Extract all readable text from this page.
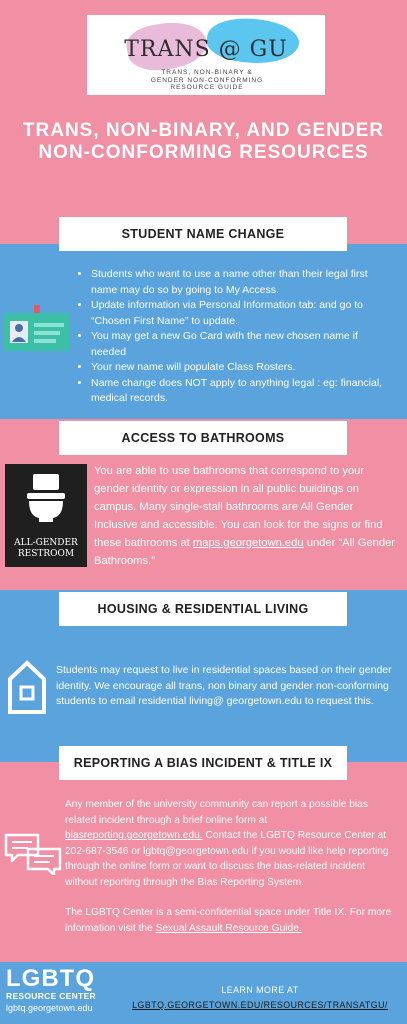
TRANS @ GU
TRANS, NON-BINARY &
GENDER NON-CONFORMING
RESOURCE GUIDE
TRANS, NON-BINARY, AND GENDER
NON-CONFORMING RESOURCES
STUDENT NAME CHANGE
• Students who want to use a name other than their legal first name may do so by going to My Access.
• Update information via Personal Information tab: and go to “Chosen First Name” to update.
• You may get a new Go Card with the new chosen name if needed
• Your new name will populate Class Rosters.
• Name change does NOT apply to anything legal : eg: financial, medical records.
ACCESS TO BATHROOMS
ALL-GENDER
RESTROOM
You are able to use bathrooms that correspond to your gender identity or expression in all public buildings on campus. Many single-stall bathrooms are All Gender Inclusive and accessible. You can look for the signs or find these bathrooms at maps.georgetown.edu under “All Gender Bathrooms.”
HOUSING & RESIDENTIAL LIVING
Students may request to live in residential spaces based on their gender identity. We encourage all trans, non binary and gender non-conforming students to email residential living@ georgetown.edu to request this.
REPORTING A BIAS INCIDENT & TITLE IX

Any member of the university community can report a possible bias related incident through a brief online form at biasreporting.georgetown.edu. Contact the LGBTQ Resource Center at 202-687-3546 or lgbtq@georgetown.edu if you would like help reporting through the online form or want to discuss the bias-related incident without reporting through the Bias Reporting System.

The LGBTQ Center is a semi-confidential space under Title IX. For more information visit the Sexual Assault Resource Guide.

LGBTQ
RESOURCE CENTER
lgbtq.georgetown.edu
LEARN MORE AT
LGBTQ.GEORGETOWN.EDU/RESOURCES/TRANSATGU/
